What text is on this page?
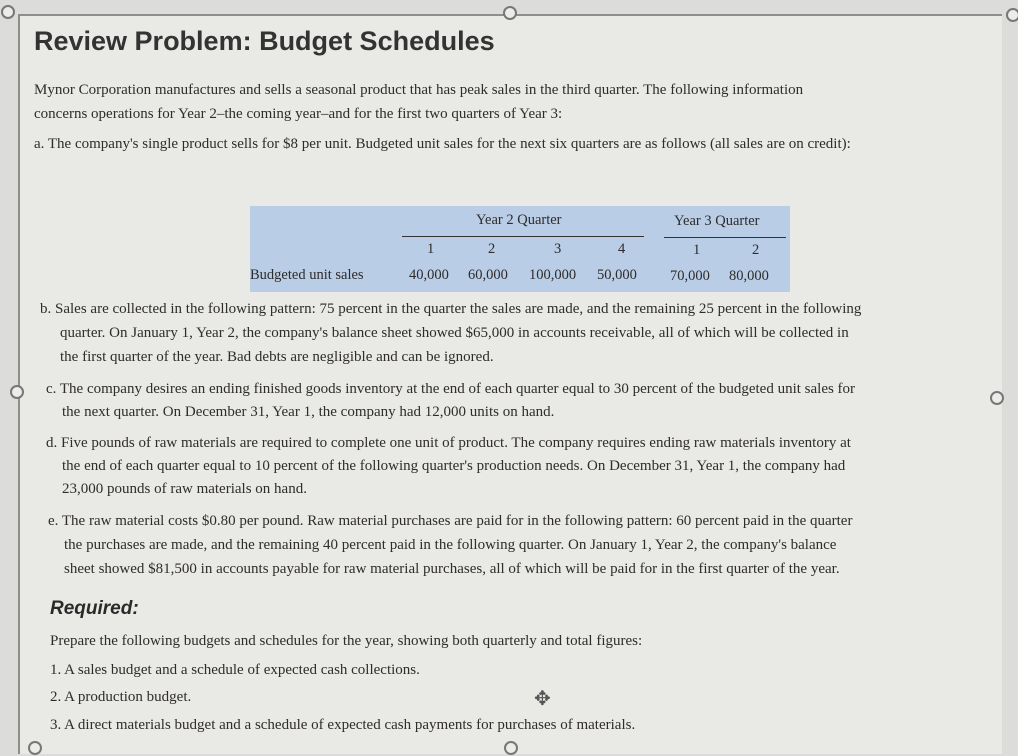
Review Problem: Budget Schedules
Mynor Corporation manufactures and sells a seasonal product that has peak sales in the third quarter. The following information
concerns operations for Year 2–the coming year–and for the first two quarters of Year 3:
a. The company's single product sells for $8 per unit. Budgeted unit sales for the next six quarters are as follows (all sales are on credit):
Year 2 Quarter	Year 3 Quarter
1	2	3	4	1	2
Budgeted unit sales	40,000 60,000 100,000 50,000 70,000 80,000
b. Sales are collected in the following pattern: 75 percent in the quarter the sales are made, and the remaining 25 percent in the following
quarter. On January 1, Year 2, the company's balance sheet showed $65,000 in accounts receivable, all of which will be collected in
the first quarter of the year. Bad debts are negligible and can be ignored.
c. The company desires an ending finished goods inventory at the end of each quarter equal to 30 percent of the budgeted unit sales for
the next quarter. On December 31, Year 1, the company had 12,000 units on hand.
d. Five pounds of raw materials are required to complete one unit of product. The company requires ending raw materials inventory at
the end of each quarter equal to 10 percent of the following quarter's production needs. On December 31, Year 1, the company had
23,000 pounds of raw materials on hand.
e. The raw material costs $0.80 per pound. Raw material purchases are paid for in the following pattern: 60 percent paid in the quarter
the purchases are made, and the remaining 40 percent paid in the following quarter. On January 1, Year 2, the company's balance
sheet showed $81,500 in accounts payable for raw material purchases, all of which will be paid for in the first quarter of the year.
Required:
Prepare the following budgets and schedules for the year, showing both quarterly and total figures:
1. A sales budget and a schedule of expected cash collections.
2. A production budget.
3. A direct materials budget and a schedule of expected cash payments for purchases of materials.
✥
